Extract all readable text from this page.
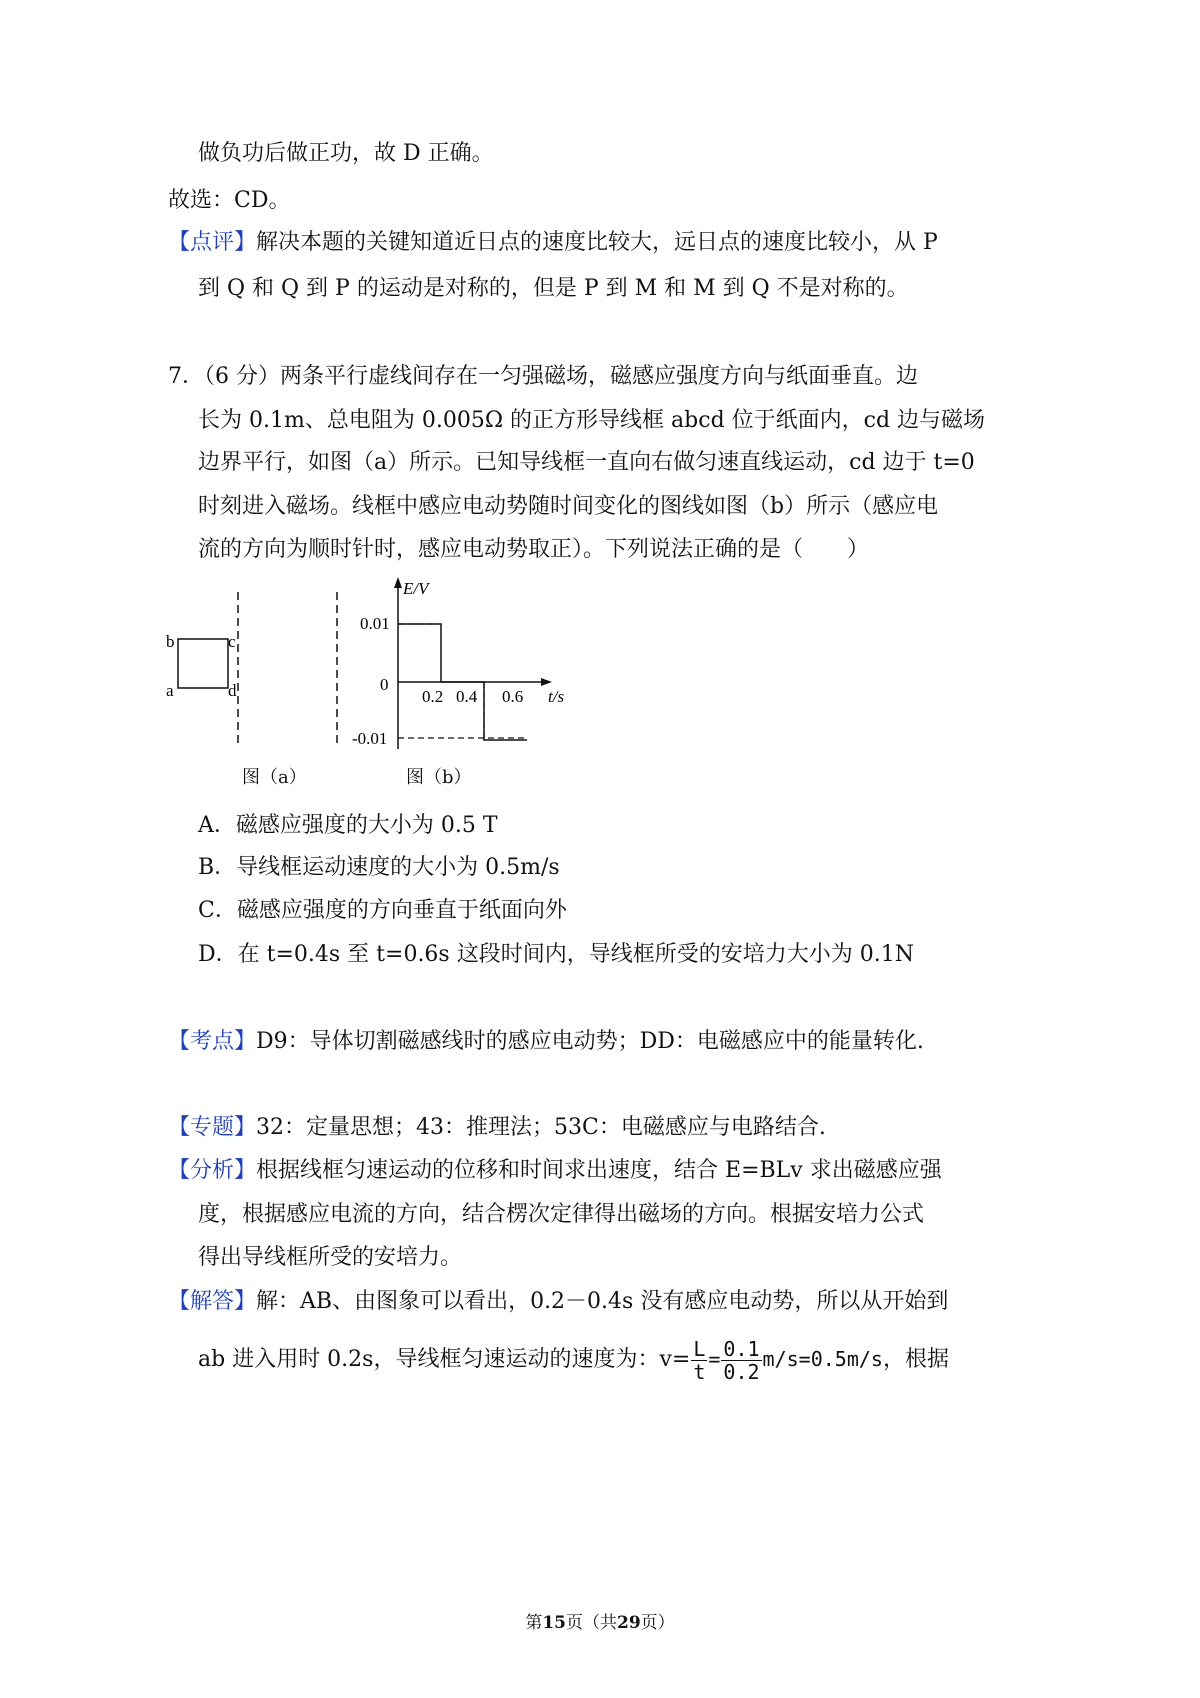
做负功后做正功，故 D 正确。
故选：CD。
【点评】解决本题的关键知道近日点的速度比较大，远日点的速度比较小，从 P
到 Q 和 Q 到 P 的运动是对称的，但是 P 到 M 和 M 到 Q 不是对称的。
7．（6 分）两条平行虚线间存在一匀强磁场，磁感应强度方向与纸面垂直。边
长为 0.1m、总电阻为 0.005Ω 的正方形导线框 abcd 位于纸面内，cd 边与磁场
边界平行，如图（a）所示。已知导线框一直向右做匀速直线运动，cd 边于 t=0
时刻进入磁场。线框中感应电动势随时间变化的图线如图（b）所示（感应电
流的方向为顺时针时，感应电动势取正）。下列说法正确的是（　　）
b
a
c
d
图（a）
E/V
t/s
0.01
0
-0.01
0.2 0.4 0.6
图（b）
A．磁感应强度的大小为 0.5 T
B．导线框运动速度的大小为 0.5m/s
C．磁感应强度的方向垂直于纸面向外
D．在 t=0.4s 至 t=0.6s 这段时间内，导线框所受的安培力大小为 0.1N
【考点】D9：导体切割磁感线时的感应电动势；DD：电磁感应中的能量转化.
【专题】32：定量思想；43：推理法；53C：电磁感应与电路结合.
【分析】根据线框匀速运动的位移和时间求出速度，结合 E=BLv 求出磁感应强
度，根据感应电流的方向，结合楞次定律得出磁场的方向。根据安培力公式
得出导线框所受的安培力。
【解答】解：AB、由图象可以看出，0.2－0.4s 没有感应电动势，所以从开始到
ab 进入用时 0.2s，导线框匀速运动的速度为：$v= \frac{L}{t} = \frac{0.1}{0.2} m/s=0.5m/s$，根据
第15页（共29页）
